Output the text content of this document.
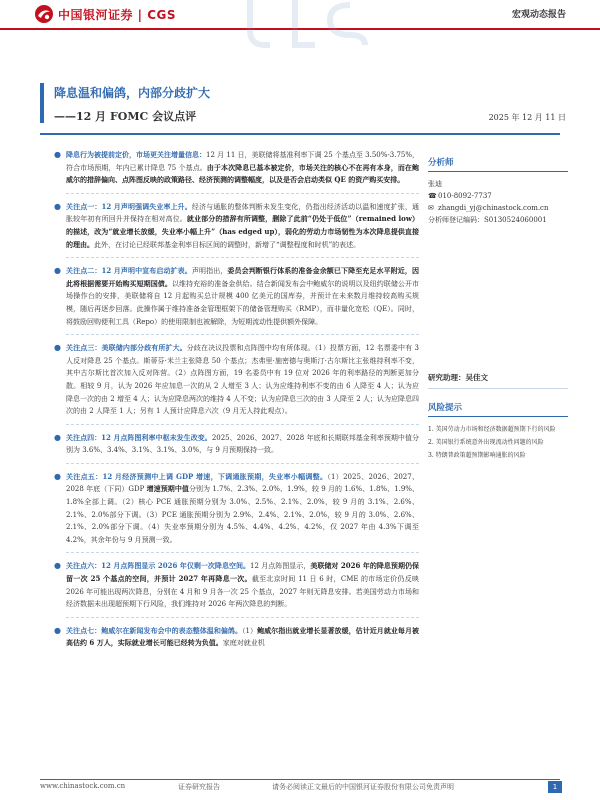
中国银河证券 | CGS	宏观动态报告
降息温和偏鸽，内部分歧扩大
——12 月 FOMC 会议点评	2025 年 12 月 11 日

● 降息行为被提前定价，市场更关注增量信息：12 月 11 日，美联储将基准利率下调 25 个基点至 3.50%-3.75%，符合市场预期，年内已累计降息 75 个基点。由于本次降息已基本被定价，市场关注的核心不在再有本身，而在鲍威尔的措辞偏向、点阵图反映的政策路径、经济预测的调整幅度，以及是否会启动类似 QE 的资产购买安排。

● 关注点一：12 月声明强调失业率上升。经济与通胀的整体判断未发生变化，仍指出经济活动以温和速度扩张，通胀较年初有所回升并保持在相对高位。就业部分的措辞有所调整，删除了此前“仍处于低位”（remained low）的描述，改为“就业增长放缓，失业率小幅上升”（has edged up），弱化的劳动力市场韧性为本次降息提供直接的理由。此外，在讨论已经联邦基金利率目标区间的调整时，新增了“调整程度和时机”的表述。

● 关注点二：12 月声明中宣布启动扩表。声明指出，委员会判断银行体系的准备金余额已下降至充足水平附近，因此将根据需要开始购买短期国债。以维持充裕的准备金供给。结合新闻发布会中鲍威尔的说明以及纽约联储公开市场操作台的安排，美联储将自 12 月起购买总计规模 400 亿美元的国库券，并预计在未来数月维持较高购买规模，随后再逐步回落。此操作属于维持准备金管理框架下的储备管理购买（RMP），而非量化宽松（QE）。同时，将鼓励回购便利工具（Repo）的使用限制也被解除，为短期流动性提供额外保障。

● 关注点三：美联储内部分歧有所扩大。分歧在决议投票和点阵图中均有所体现。（1）投票方面，12 名票委中有 3 人反对降息 25 个基点。斯蒂芬·米兰主张降息 50 个基点；杰弗里·施密德与奥斯汀·古尔斯比主张维持利率不变，其中古尔斯比首次加入反对阵营。（2）点阵图方面，19 名委员中有 19 位对 2026 年的利率路径的判断更加分散。相较 9 月，认为 2026 年应加息一次的从 2 人增至 3 人；认为应维持利率不变的由 6 人降至 4 人；认为应降息一次的由 2 增至 4 人；认为应降息两次的维持 4 人不变；认为应降息三次的由 3 人降至 2 人；认为应降息四次的由 2 人降至 1 人；另有 1 人预计应降息六次（9 月无人持此观点）。

● 关注点四：12 月点阵图利率中枢未发生改变。2025、2026、2027、2028 年底和长期联邦基金利率预期中值分别为 3.6%、3.4%、3.1%、3.1%、3.0%，与 9 月预期保持一致。

● 关注点五：12 月经济预测中上调 GDP 增速，下调通胀预期，失业率小幅调整。（1）2025、2026、2027、2028 年底（下同）GDP 增速预期中值分别为 1.7%、2.3%、2.0%、1.9%，较 9 月的 1.6%、1.8%、1.9%、1.8%全部上调。（2）核心 PCE 通胀预期分别为 3.0%、2.5%、2.1%、2.0%，较 9 月的 3.1%、2.6%、2.1%、2.0%部分下调。（3）PCE 通胀预期分别为 2.9%、2.4%、2.1%、2.0%，较 9 月的 3.0%、2.6%、2.1%、2.0%部分下调。（4）失业率预期分别为 4.5%、4.4%、4.2%、4.2%，仅 2027 年由 4.3%下调至 4.2%，其余年份与 9 月预测一致。

● 关注点六：12 月点阵图显示 2026 年仅剩一次降息空间。12 月点阵图显示，美联储对 2026 年的降息预期仍保留一次 25 个基点的空间，并预计 2027 年再降息一次。截至北京时间 11 日 6 时，CME 的市场定价仍反映 2026 年可能出现两次降息，分别在 4 月和 9 月各一次 25 个基点，2027 年则无降息安排。若美国劳动力市场和经济数据未出现超预期下行风险，我们维持对 2026 年两次降息的判断。

● 关注点七：鲍威尔在新闻发布会中的表态整体温和偏鸽。（1）鲍威尔指出就业增长显著放缓，估计近月就业每月被高估约 6 万人，实际就业增长可能已经转为负值。家庭对就业机

分析师

张迪

☎010-8092-7737

✉ zhangdi_yj@chinastock.com.cn

分析师登记编码：S0130524060001

研究助理：吴佳文

风险提示

1. 美国劳动力市场和经济数据超预期下行的风险

2. 美国银行系统意外出现流动性问题的风险

3. 特朗普政策超预期影响通胀的风险

www.chinastock.com.cn	证券研究报告	请务必阅读正文最后的中国银河证券股份有限公司免责声明	1
